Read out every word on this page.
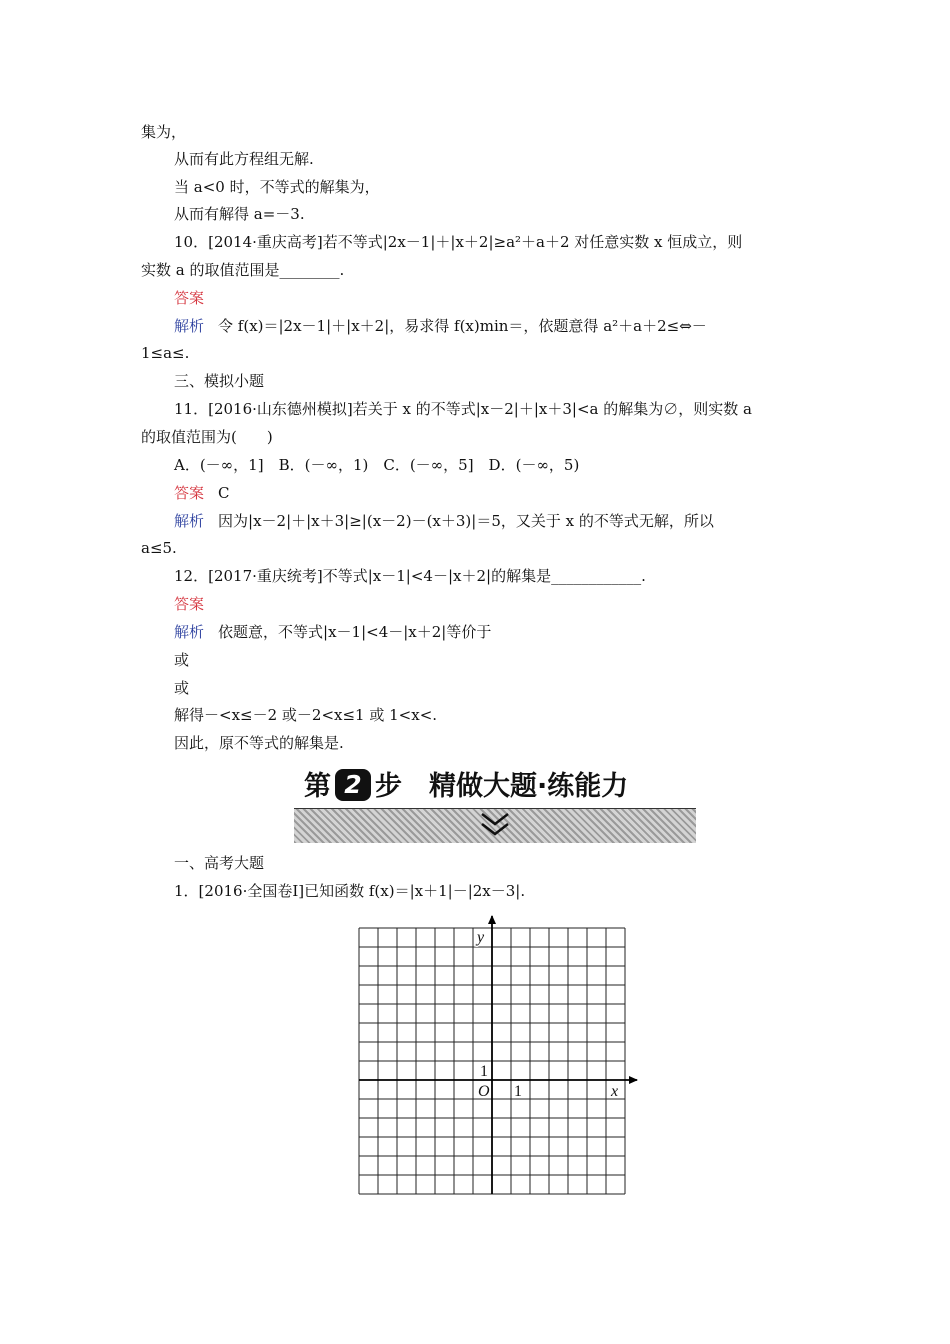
集为，
从而有此方程组无解.
当 a<0 时，不等式的解集为，
从而有解得 a=－3.
10．[2014·重庆高考]若不等式|2x－1|＋|x＋2|≥a²＋a＋2 对任意实数 x 恒成立，则
实数 a 的取值范围是________.
答案
解析 令 f(x)＝|2x－1|＋|x＋2|，易求得 f(x)min＝，依题意得 a²＋a＋2≤⇔－
1≤a≤.
三、模拟小题
11．[2016·山东德州模拟]若关于 x 的不等式|x－2|＋|x＋3|<a 的解集为∅，则实数 a
的取值范围为(　　)
A．(－∞，1]　B．(－∞，1)　C．(－∞，5]　D．(－∞，5)
答案 C
解析 因为|x－2|＋|x＋3|≥|(x－2)－(x＋3)|＝5，又关于 x 的不等式无解，所以
a≤5.
12．[2017·重庆统考]不等式|x－1|<4－|x＋2|的解集是____________.
答案
解析 依题意，不等式|x－1|<4－|x＋2|等价于
或
或
解得－<x≤－2 或－2<x≤1 或 1<x<.
因此，原不等式的解集是.
一、高考大题
1．[2016·全国卷Ⅰ]已知函数 f(x)＝|x＋1|－|2x－3|.
第 2 步　精做大题·练能力
y
x
O 1
1
